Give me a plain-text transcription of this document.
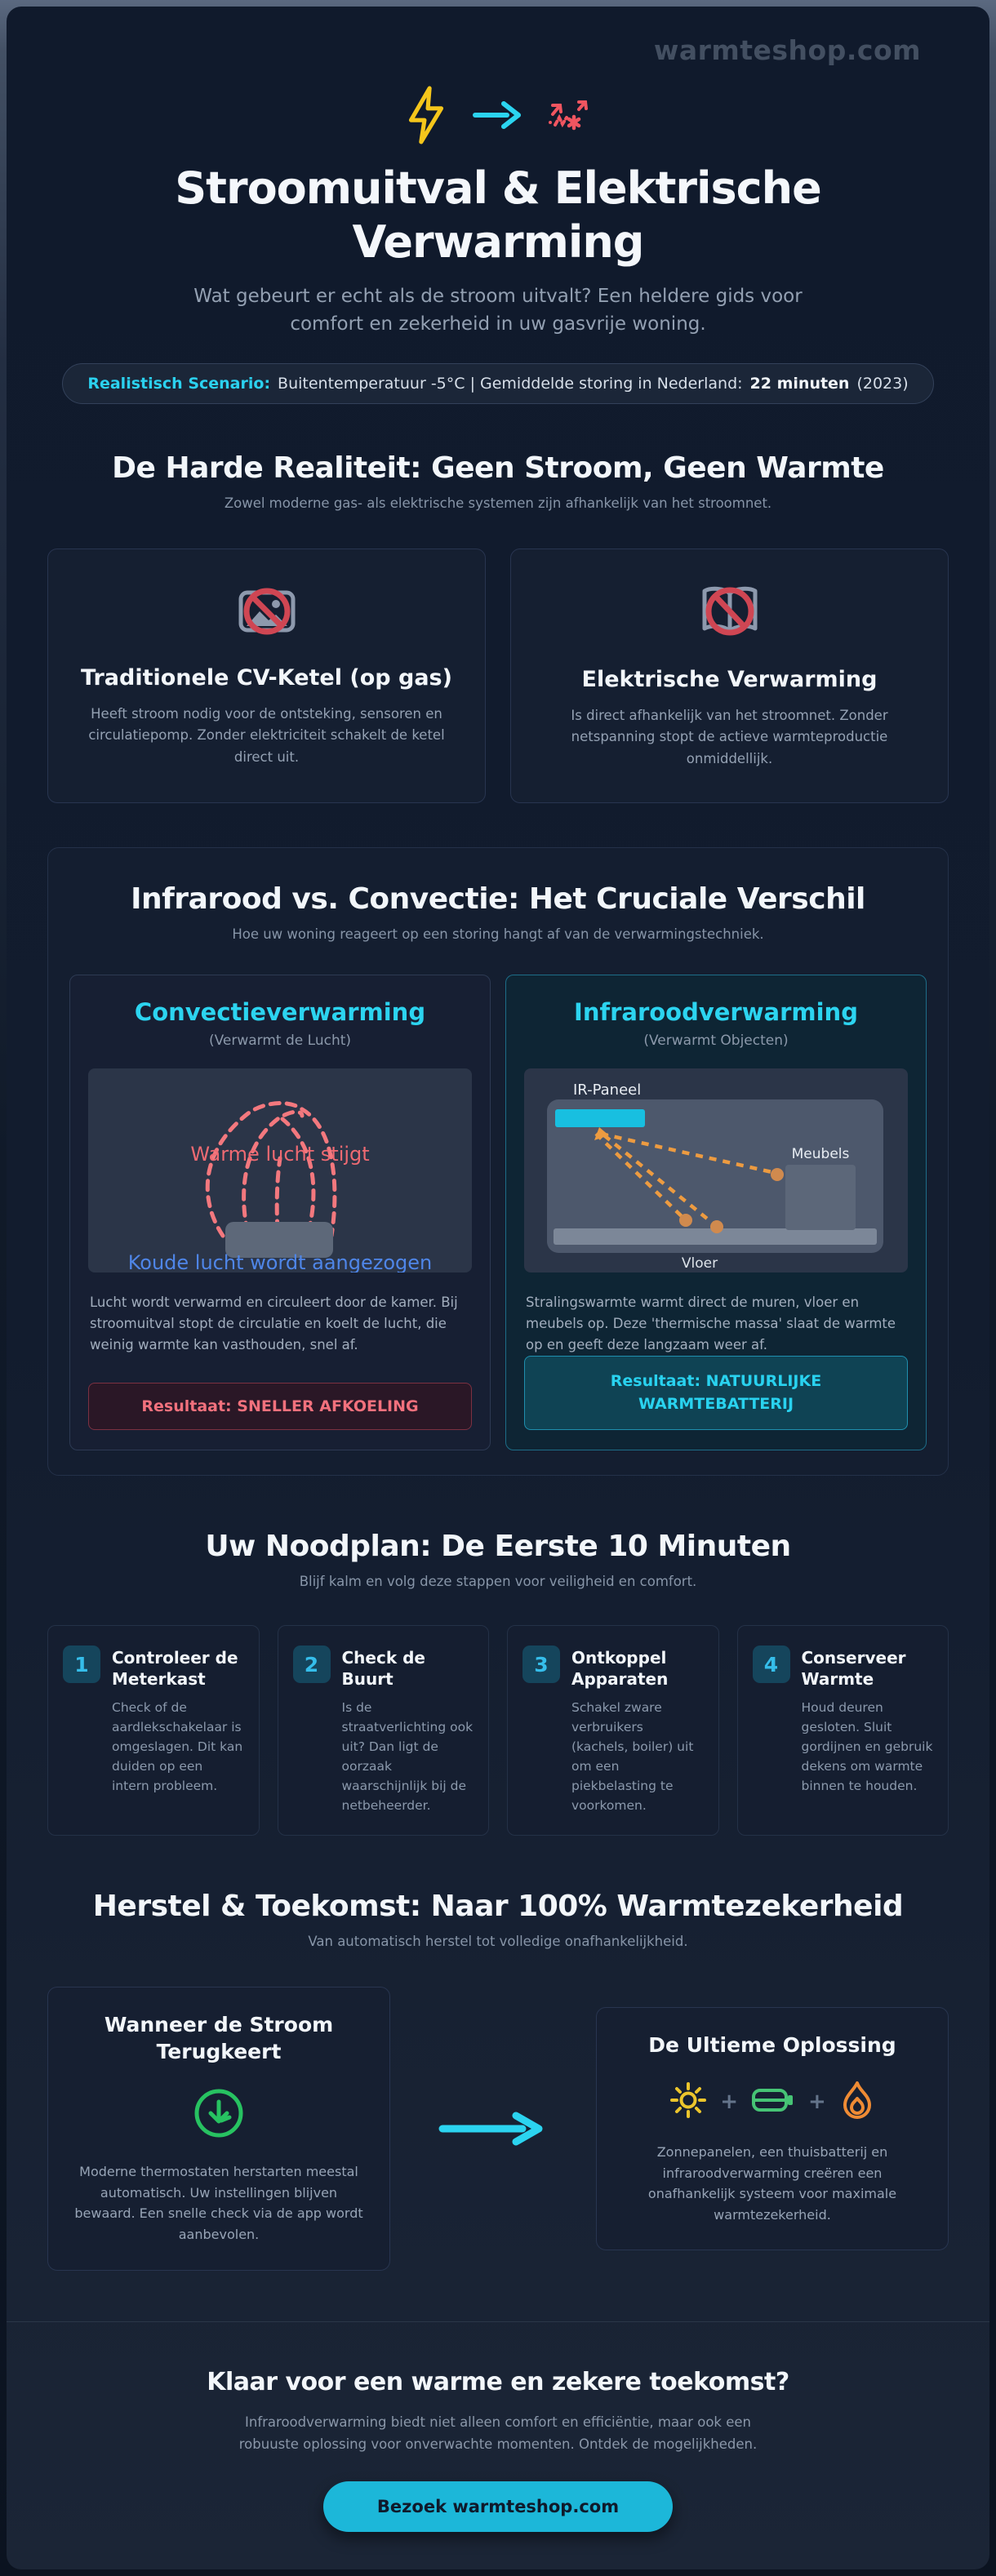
warmteshop.com
Stroomuitval & Elektrische
Verwarming

Wat gebeurt er echt als de stroom uitvalt? Een heldere gids voor comfort en zekerheid in uw gasvrije woning.

Realistisch Scenario: Buitentemperatuur -5°C | Gemiddelde storing in Nederland: 22 minuten (2023)
De Harde Realiteit: Geen Stroom, Geen Warmte

Zowel moderne gas- als elektrische systemen zijn afhankelijk van het stroomnet.

Traditionele CV-Ketel (op gas)

Heeft stroom nodig voor de ontsteking, sensoren en circulatiepomp. Zonder elektriciteit schakelt de ketel direct uit.

Elektrische Verwarming

Is direct afhankelijk van het stroomnet. Zonder netspanning stopt de actieve warmteproductie onmiddellijk.

Infrarood vs. Convectie: Het Cruciale Verschil

Hoe uw woning reageert op een storing hangt af van de verwarmingstechniek.

Convectieverwarming
(Verwarmt de Lucht)
Warme lucht stijgt
Koude lucht wordt aangezogen

Lucht wordt verwarmd en circuleert door de kamer. Bij stroomuitval stopt de circulatie en koelt de lucht, die weinig warmte kan vasthouden, snel af.

Resultaat: SNELLER AFKOELING
Infraroodverwarming
(Verwarmt Objecten)
IR-Paneel
Meubels
Vloer

Stralingswarmte warmt direct de muren, vloer en meubels op. Deze 'thermische massa' slaat de warmte op en geeft deze langzaam weer af.

Resultaat: NATUURLIJKE WARMTEBATTERIJ
Uw Noodplan: De Eerste 10 Minuten

Blijf kalm en volg deze stappen voor veiligheid en comfort.

1	Controleer de Meterkast

Check of de aardlekschakelaar is omgeslagen. Dit kan duiden op een intern probleem.

2	Check de Buurt

Is de straatverlichting ook uit? Dan ligt de oorzaak waarschijnlijk bij de netbeheerder.

3	Ontkoppel Apparaten

Schakel zware verbruikers (kachels, boiler) uit om een piekbelasting te voorkomen.

4	Conserveer Warmte

Houd deuren gesloten. Sluit gordijnen en gebruik dekens om warmte binnen te houden.

Herstel & Toekomst: Naar 100% Warmtezekerheid

Van automatisch herstel tot volledige onafhankelijkheid.

Wanneer de Stroom Terugkeert

Moderne thermostaten herstarten meestal automatisch. Uw instellingen blijven bewaard. Een snelle check via de app wordt aanbevolen.

De Ultieme Oplossing
+	+

Zonnepanelen, een thuisbatterij en infraroodverwarming creëren een onafhankelijk systeem voor maximale warmtezekerheid.

Klaar voor een warme en zekere toekomst?

Infraroodverwarming biedt niet alleen comfort en efficiëntie, maar ook een robuuste oplossing voor onverwachte momenten. Ontdek de mogelijkheden.

Bezoek warmteshop.com
